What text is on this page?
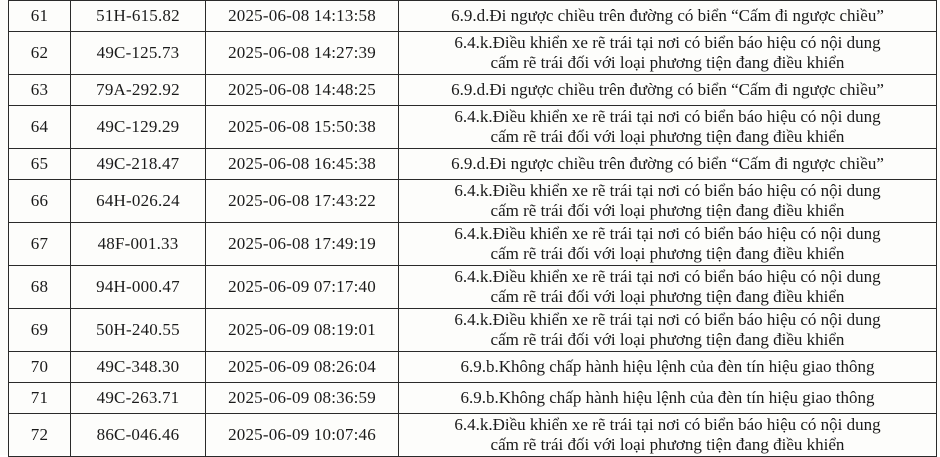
61	51H-615.82	2025-06-08 14:13:58	6.9.d.Đi ngược chiều trên đường có biển “Cấm đi ngược chiều”

62	49C-125.73	2025-06-08 14:27:39	6.4.k.Điều khiển xe rẽ trái tại nơi có biển báo hiệu có nội dung
cấm rẽ trái đối với loại phương tiện đang điều khiển

63	79A-292.92	2025-06-08 14:48:25	6.9.d.Đi ngược chiều trên đường có biển “Cấm đi ngược chiều”

64	49C-129.29	2025-06-08 15:50:38	6.4.k.Điều khiển xe rẽ trái tại nơi có biển báo hiệu có nội dung
cấm rẽ trái đối với loại phương tiện đang điều khiển

65	49C-218.47	2025-06-08 16:45:38	6.9.d.Đi ngược chiều trên đường có biển “Cấm đi ngược chiều”

66	64H-026.24	2025-06-08 17:43:22	6.4.k.Điều khiển xe rẽ trái tại nơi có biển báo hiệu có nội dung
cấm rẽ trái đối với loại phương tiện đang điều khiển

67	48F-001.33	2025-06-08 17:49:19	6.4.k.Điều khiển xe rẽ trái tại nơi có biển báo hiệu có nội dung
cấm rẽ trái đối với loại phương tiện đang điều khiển

68	94H-000.47	2025-06-09 07:17:40	6.4.k.Điều khiển xe rẽ trái tại nơi có biển báo hiệu có nội dung
cấm rẽ trái đối với loại phương tiện đang điều khiển

69	50H-240.55	2025-06-09 08:19:01	6.4.k.Điều khiển xe rẽ trái tại nơi có biển báo hiệu có nội dung
cấm rẽ trái đối với loại phương tiện đang điều khiển

70	49C-348.30	2025-06-09 08:26:04	6.9.b.Không chấp hành hiệu lệnh của đèn tín hiệu giao thông

71	49C-263.71	2025-06-09 08:36:59	6.9.b.Không chấp hành hiệu lệnh của đèn tín hiệu giao thông

72	86C-046.46	2025-06-09 10:07:46	6.4.k.Điều khiển xe rẽ trái tại nơi có biển báo hiệu có nội dung
cấm rẽ trái đối với loại phương tiện đang điều khiển
